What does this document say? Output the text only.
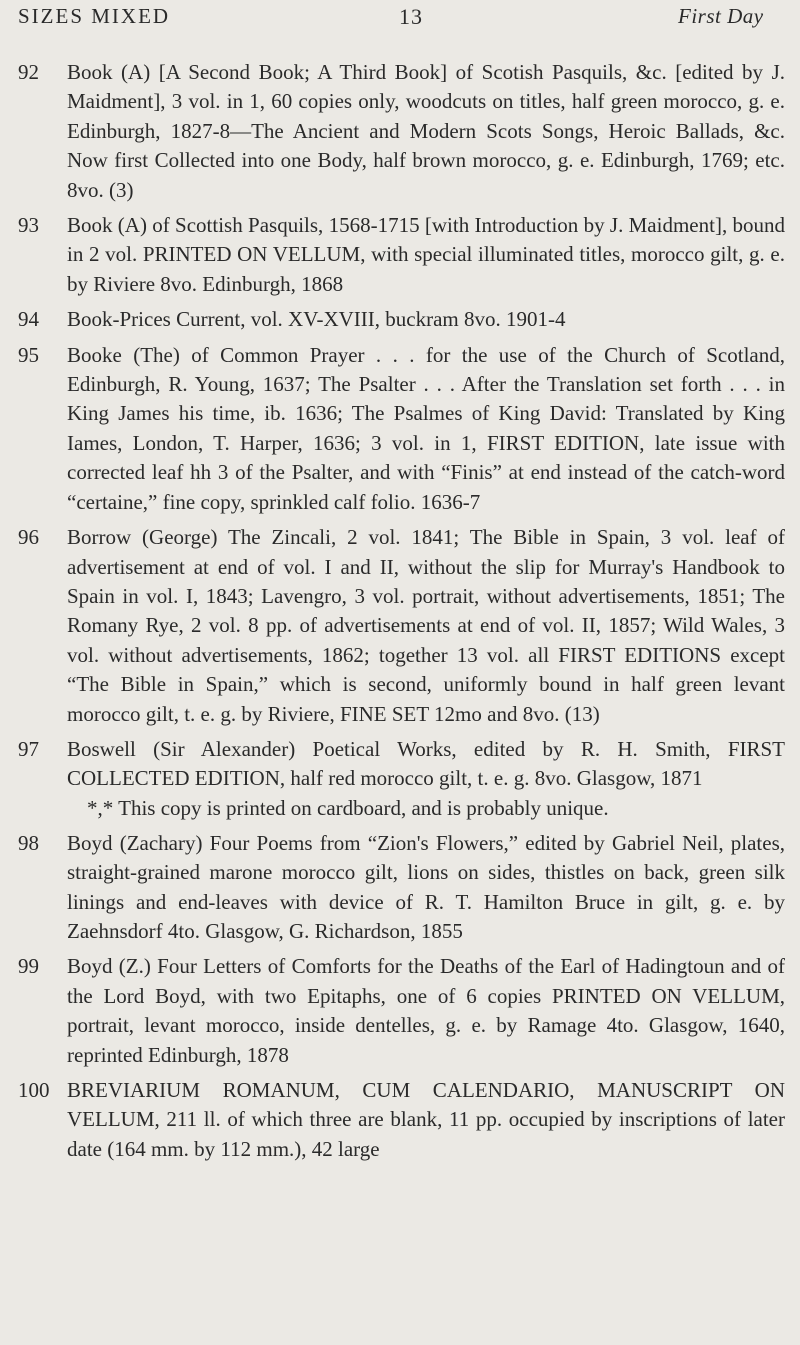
SIZES MIXED	13	First Day
92 Book (A) [A Second Book; A Third Book] of Scotish Pasquils, &c. [edited by J. Maidment], 3 vol. in 1, 60 copies only, woodcuts on titles, half green morocco, g. e. Edinburgh, 1827-8—The Ancient and Modern Scots Songs, Heroic Ballads, &c. Now first Collected into one Body, half brown morocco, g. e. Edinburgh, 1769; etc. 8vo. (3)
93 Book (A) of Scottish Pasquils, 1568-1715 [with Introduction by J. Maidment], bound in 2 vol. PRINTED ON VELLUM, with special illuminated titles, morocco gilt, g. e. by Riviere 8vo. Edinburgh, 1868
94 Book-Prices Current, vol. XV-XVIII, buckram 8vo. 1901-4
95 Booke (The) of Common Prayer . . . for the use of the Church of Scotland, Edinburgh, R. Young, 1637; The Psalter . . . After the Translation set forth . . . in King James his time, ib. 1636; The Psalmes of King David: Translated by King Iames, London, T. Harper, 1636; 3 vol. in 1, FIRST EDITION, late issue with corrected leaf hh 3 of the Psalter, and with “Finis” at end instead of the catch-word “certaine,” fine copy, sprinkled calf folio. 1636-7
96 Borrow (George) The Zincali, 2 vol. 1841; The Bible in Spain, 3 vol. leaf of advertisement at end of vol. I and II, without the slip for Murray's Handbook to Spain in vol. I, 1843; Lavengro, 3 vol. portrait, without advertisements, 1851; The Romany Rye, 2 vol. 8 pp. of advertisements at end of vol. II, 1857; Wild Wales, 3 vol. without advertisements, 1862; together 13 vol. all FIRST EDITIONS except “The Bible in Spain,” which is second, uniformly bound in half green levant morocco gilt, t. e. g. by Riviere, FINE SET 12mo and 8vo. (13)
97 Boswell (Sir Alexander) Poetical Works, edited by R. H. Smith, FIRST COLLECTED EDITION, half red morocco gilt, t. e. g. 8vo. Glasgow, 1871
*,* This copy is printed on cardboard, and is probably unique.
98 Boyd (Zachary) Four Poems from “Zion's Flowers,” edited by Gabriel Neil, plates, straight-grained marone morocco gilt, lions on sides, thistles on back, green silk linings and end-leaves with device of R. T. Hamilton Bruce in gilt, g. e. by Zaehnsdorf 4to. Glasgow, G. Richardson, 1855
99 Boyd (Z.) Four Letters of Comforts for the Deaths of the Earl of Hadingtoun and of the Lord Boyd, with two Epitaphs, one of 6 copies PRINTED ON VELLUM, portrait, levant morocco, inside dentelles, g. e. by Ramage 4to. Glasgow, 1640, reprinted Edinburgh, 1878
100 BREVIARIUM ROMANUM, CUM CALENDARIO, MANUSCRIPT ON VELLUM, 211 ll. of which three are blank, 11 pp. occupied by inscriptions of later date (164 mm. by 112 mm.), 42 large
